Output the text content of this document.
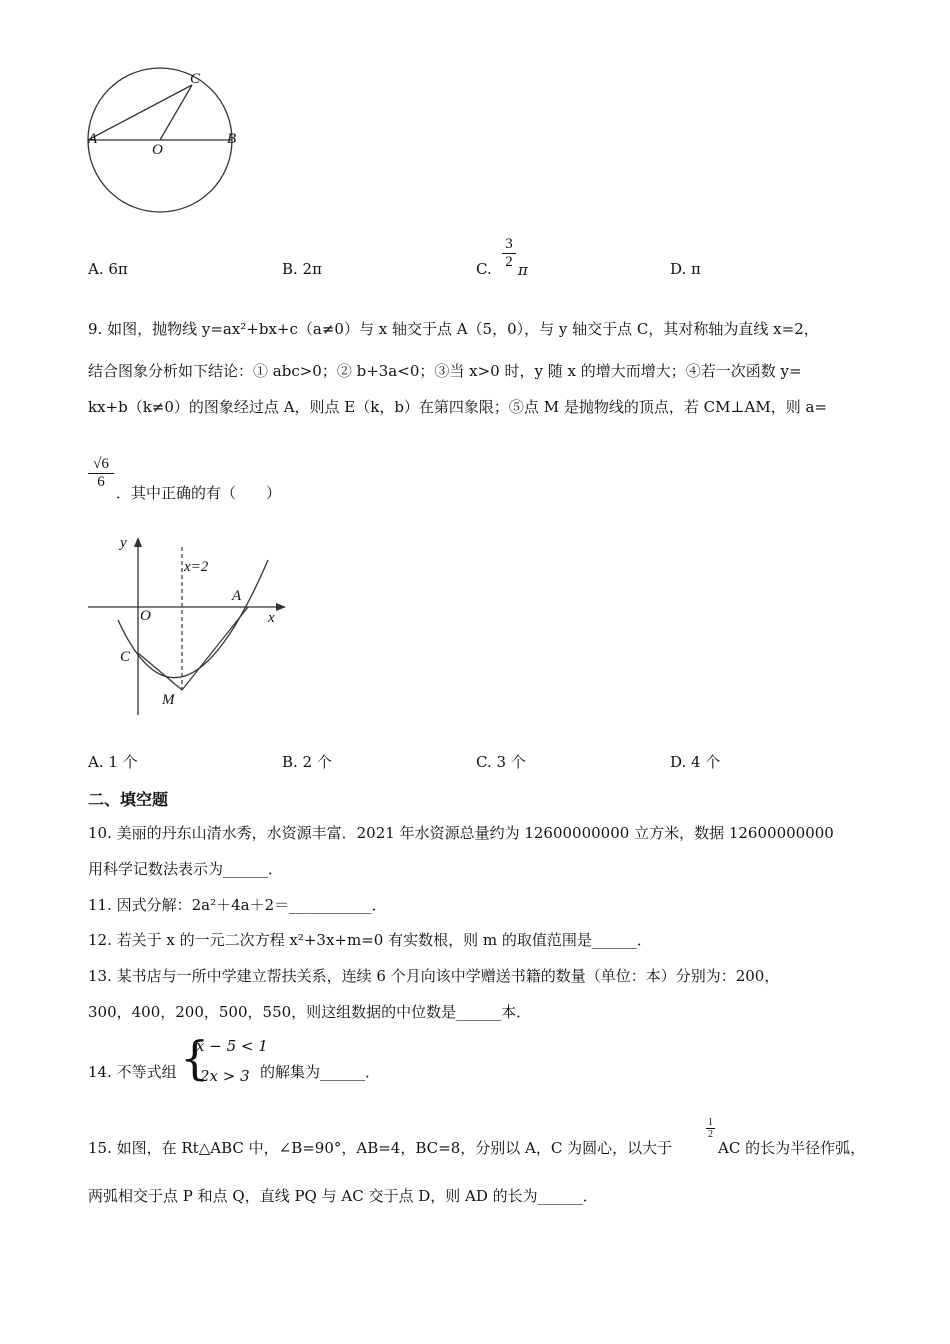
A	B
C
O
A. 6π	B. 2π	C. $\frac{3}{2}$ π	D. π
9. 如图，抛物线 y=ax²+bx+c（a≠0）与 x 轴交于点 A（5，0），与 y 轴交于点 C，其对称轴为直线 x=2，
结合图象分析如下结论：① abc>0；② b+3a<0；③当 x>0 时，y 随 x 的增大而增大；④若一次函数 y=
kx+b（k≠0）的图象经过点 A，则点 E（k，b）在第四象限；⑤点 M 是抛物线的顶点，若 CM⊥AM，则 a=
$\frac{√6}{6}$
．其中正确的有（　　）
y
x
O
x=2
A
C
M
A. 1 个	B. 2 个	C. 3 个	D. 4 个
二、填空题
10. 美丽的丹东山清水秀，水资源丰富．2021 年水资源总量约为 12600000000 立方米，数据 12600000000
用科学记数法表示为______．
11. 因式分解：2a²＋4a＋2＝___________．
12. 若关于 x 的一元二次方程 x²+3x+m=0 有实数根，则 m 的取值范围是______．
13. 某书店与一所中学建立帮扶关系，连续 6 个月向该中学赠送书籍的数量（单位：本）分别为：200，
300，400，200，500，550，则这组数据的中位数是______本．
14. 不等式组 {
x − 5 < 1
2x > 3 的解集为______．
15. 如图，在 Rt△ABC 中，∠B=90°，AB=4，BC=8，分别以 A，C 为圆心，以大于
$\frac{1}{2}$
AC 的长为半径作弧，
两弧相交于点 P 和点 Q，直线 PQ 与 AC 交于点 D，则 AD 的长为______．
